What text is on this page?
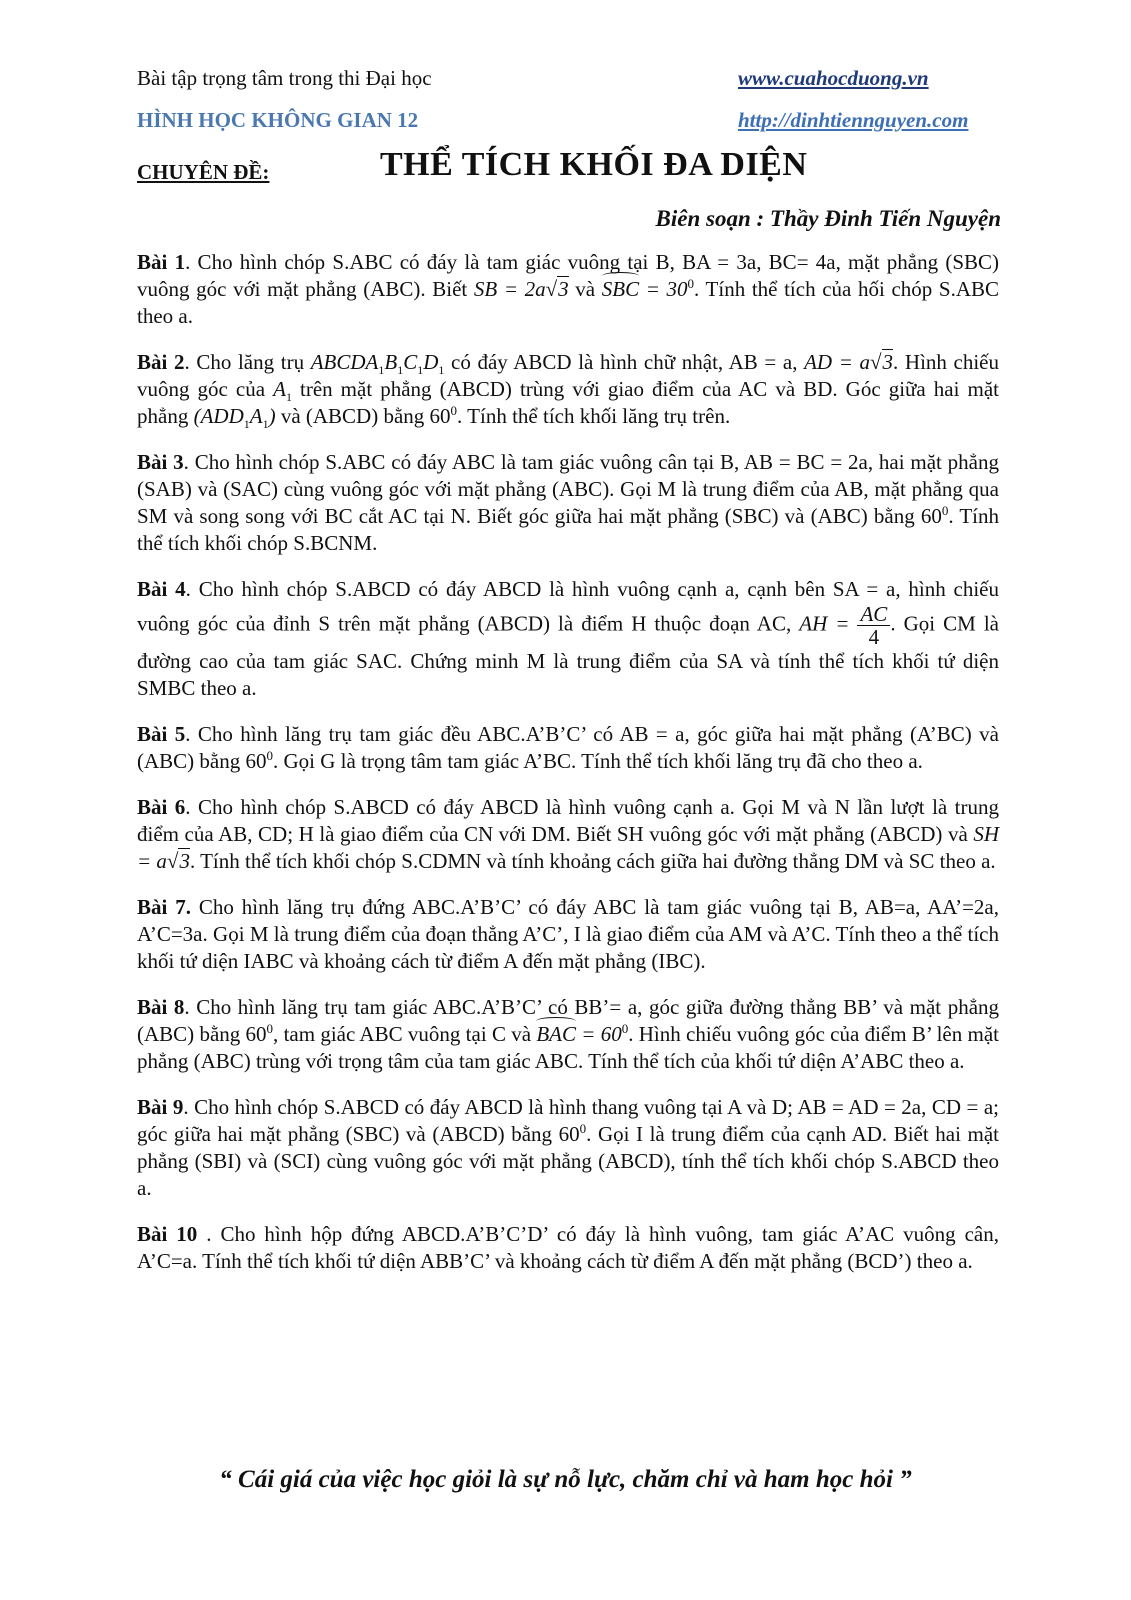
Bài tập trọng tâm trong thi Đại học
HÌNH HỌC KHÔNG GIAN 12
www.cuahocduong.vn
http://dinhtiennguyen.com
CHUYÊN ĐỀ:	THỂ TÍCH KHỐI ĐA DIỆN
Biên soạn : Thầy Đinh Tiến Nguyện

Bài 1. Cho hình chóp S.ABC có đáy là tam giác vuông tại B, BA = 3a, BC= 4a, mặt phẳng (SBC) vuông góc với mặt phẳng (ABC). Biết SB = 2a√3 và SBC = $30^0$. Tính thể tích của hối chóp S.ABC theo a.

Bài 2. Cho lăng trụ $ABCDA_1B_1C_1D_1$ có đáy ABCD là hình chữ nhật, AB = a, AD = a√3. Hình chiếu vuông góc của $A_1$ trên mặt phẳng (ABCD) trùng với giao điểm của AC và BD. Góc giữa hai mặt phẳng $(ADD_1A_1)$ và (ABCD) bằng $60^0$. Tính thể tích khối lăng trụ trên.

Bài 3. Cho hình chóp S.ABC có đáy ABC là tam giác vuông cân tại B, AB = BC = 2a, hai mặt phẳng (SAB) và (SAC) cùng vuông góc với mặt phẳng (ABC). Gọi M là trung điểm của AB, mặt phẳng qua SM và song song với BC cắt AC tại N. Biết góc giữa hai mặt phẳng (SBC) và (ABC) bằng $60^0$. Tính thể tích khối chóp S.BCNM.

Bài 4. Cho hình chóp S.ABCD có đáy ABCD là hình vuông cạnh a, cạnh bên SA = a, hình chiếu vuông góc của đỉnh S trên mặt phẳng (ABCD) là điểm H thuộc đoạn AC, AH = $\frac{AC}{4}$ . Gọi CM là đường cao của tam giác SAC. Chứng minh M là trung điểm của SA và tính thể tích khối tứ diện SMBC theo a.

Bài 5. Cho hình lăng trụ tam giác đều ABC.A’B’C’ có AB = a, góc giữa hai mặt phẳng (A’BC) và (ABC) bằng $60^0$. Gọi G là trọng tâm tam giác A’BC. Tính thể tích khối lăng trụ đã cho theo a.

Bài 6. Cho hình chóp S.ABCD có đáy ABCD là hình vuông cạnh a. Gọi M và N lần lượt là trung điểm của AB, CD; H là giao điểm của CN với DM. Biết SH vuông góc với mặt phẳng (ABCD) và SH = a√3. Tính thể tích khối chóp S.CDMN và tính khoảng cách giữa hai đường thẳng DM và SC theo a.

Bài 7. Cho hình lăng trụ đứng ABC.A’B’C’ có đáy ABC là tam giác vuông tại B, AB=a, AA’=2a, A’C=3a. Gọi M là trung điểm của đoạn thẳng A’C’, I là giao điểm của AM và A’C. Tính theo a thể tích khối tứ diện IABC và khoảng cách từ điểm A đến mặt phẳng (IBC).

Bài 8. Cho hình lăng trụ tam giác ABC.A’B’C’ có BB’= a, góc giữa đường thẳng BB’ và mặt phẳng (ABC) bằng $60^0$, tam giác ABC vuông tại C và BAC = $60^0$. Hình chiếu vuông góc của điểm B’ lên mặt phẳng (ABC) trùng với trọng tâm của tam giác ABC. Tính thể tích của khối tứ diện A’ABC theo a.

Bài 9. Cho hình chóp S.ABCD có đáy ABCD là hình thang vuông tại A và D; AB = AD = 2a, CD = a; góc giữa hai mặt phẳng (SBC) và (ABCD) bằng $60^0$. Gọi I là trung điểm của cạnh AD. Biết hai mặt phẳng (SBI) và (SCI) cùng vuông góc với mặt phẳng (ABCD), tính thể tích khối chóp S.ABCD theo a.

Bài 10 . Cho hình hộp đứng ABCD.A’B’C’D’ có đáy là hình vuông, tam giác A’AC vuông cân, A’C=a. Tính thể tích khối tứ diện ABB’C’ và khoảng cách từ điểm A đến mặt phẳng (BCD’) theo a.

“ Cái giá của việc học giỏi là sự nỗ lực, chăm chỉ và ham học hỏi ”
